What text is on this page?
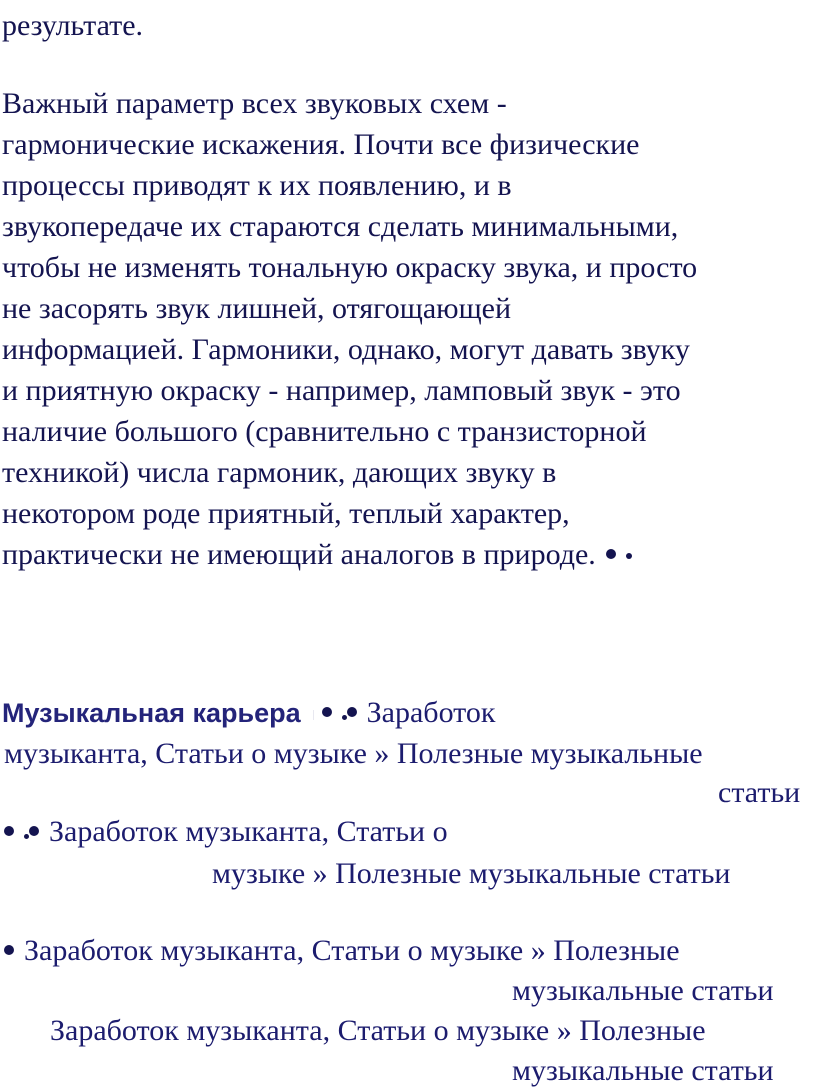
результате.
Важный параметр всех звуковых схем -
гармонические искажения. Почти все физические
процессы приводят к их появлению, и в
звукопередаче их стараются сделать минимальными,
чтобы не изменять тональную окраску звука, и просто
не засорять звук лишней, отягощающей
информацией. Гармоники, однако, могут давать звуку
и приятную окраску - например, ламповый звук - это
наличие большого (сравнительно с транзисторной
техникой) числа гармоник, дающих звуку в
некотором роде приятный, теплый характер,
практически не имеющий аналогов в природе.
Музыкальная карьера Заработок
музыканта, Статьи о музыке » Полезные музыкальные
статьи
Заработок музыканта, Статьи о
музыке » Полезные музыкальные статьи
Заработок музыканта, Статьи о музыке » Полезные
музыкальные статьи
Заработок музыканта, Статьи о музыке » Полезные
музыкальные статьи
